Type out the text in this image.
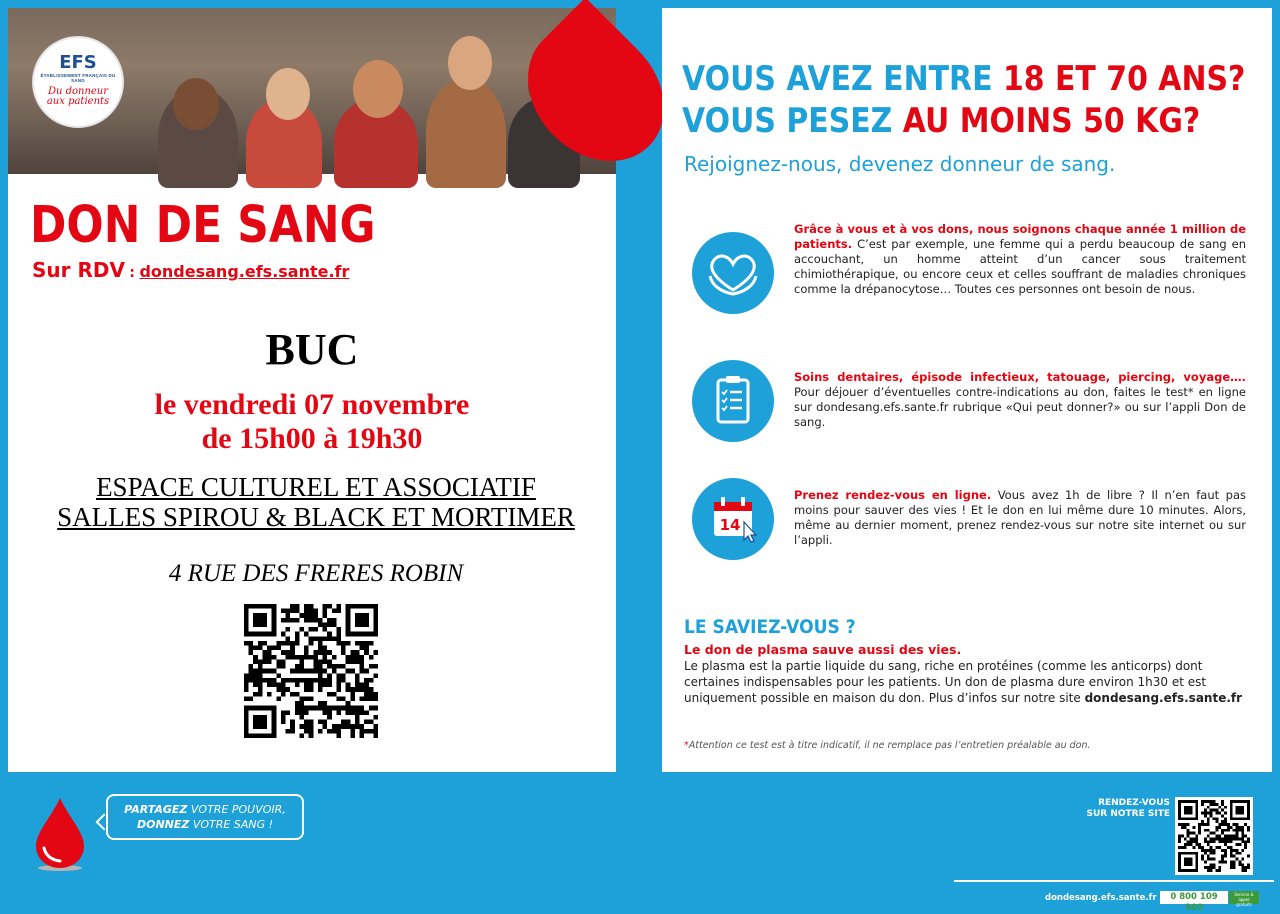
EFS
ÉTABLISSEMENT FRANÇAIS DU SANG
Du donneur
aux patients
DON DE SANG
Sur RDV : dondesang.efs.sante.fr
BUC
le vendredi 07 novembre
de 15h00 à 19h30
ESPACE CULTUREL ET ASSOCIATIF
SALLES SPIROU & BLACK ET MORTIMER
4 RUE DES FRERES ROBIN
VOUS AVEZ ENTRE 18 ET 70 ANS?
VOUS PESEZ AU MOINS 50 KG?
Rejoignez-nous, devenez donneur de sang.
Grâce à vous et à vos dons, nous soignons chaque année 1 million de patients. C’est par exemple, une femme qui a perdu beaucoup de sang en accouchant, un homme atteint d’un cancer sous traitement chimiothérapique, ou encore ceux et celles souffrant de maladies chroniques comme la drépanocytose… Toutes ces personnes ont besoin de nous.
Soins dentaires, épisode infectieux, tatouage, piercing, voyage…. Pour déjouer d’éventuelles contre-indications au don, faites le test* en ligne sur dondesang.efs.sante.fr rubrique «Qui peut donner?» ou sur l’appli Don de sang.
14
Prenez rendez-vous en ligne. Vous avez 1h de libre ? Il n’en faut pas moins pour sauver des vies ! Et le don en lui même dure 10 minutes. Alors, même au dernier moment, prenez rendez-vous sur notre site internet ou sur l’appli.
LE SAVIEZ-VOUS ?
Le don de plasma sauve aussi des vies.
Le plasma est la partie liquide du sang, riche en protéines (comme les anticorps) dont certaines indispensables pour les patients. Un don de plasma dure environ 1h30 et est uniquement possible en maison du don. Plus d’infos sur notre site dondesang.efs.sante.fr
*Attention ce test est à titre indicatif, il ne remplace pas l’entretien préalable au don.
PARTAGEZ VOTRE POUVOIR,
DONNEZ VOTRE SANG !
RENDEZ-VOUS
SUR NOTRE SITE
dondesang.efs.sante.fr	0 800 109 900
Service & appel
gratuits
